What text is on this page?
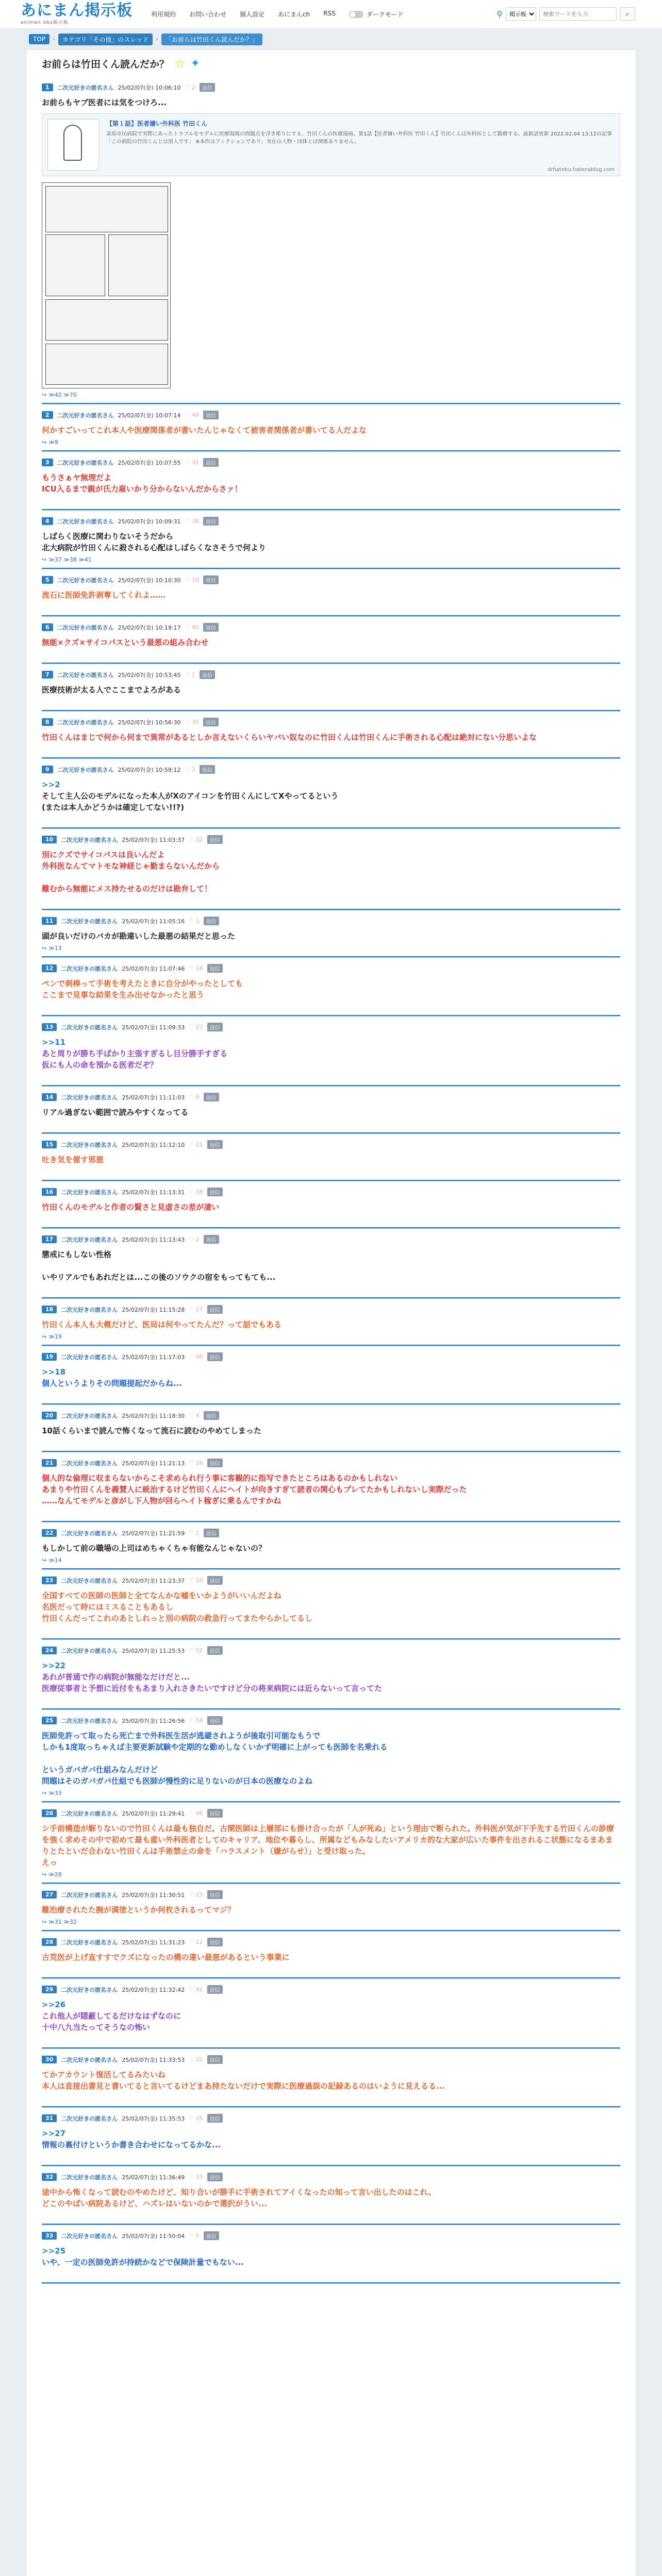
あにまん掲示板
animan bbs掲示板
利用規約 お問い合わせ 個人設定 あにまんch RSS	ダークモード	⚲
掲示板
検索ワードを入力	⌕
TOP	›	カテゴリ「その他」のスレッド	›	「お前らは竹田くん読んだか？」
お前らは竹田くん読んだか？ ☆ ✦
1	二次元好きの匿名さん 25/02/07(金) 10:06:10 ♡ 2	返信

お前らもヤブ医者には気をつけろ...

【第１話】医者嫌い外科医 竹田くん
某県市民病院で実際にあったトラブルをモデルに医療現場の問題点を浮き彫りにする、竹田くんの医療漫画。第1話【医者嫌い外科医 竹田くん】竹田くんは外科医として勤務する。最新話更新 2022.02.04 13:12の記事「この病院の竹田くんとは別人です」 ※本作はフィクションであり、実在の人物・団体とは関係ありません。
drhatebu.hatenablog.com
↪ ≫42 ≫70
2	二次元好きの匿名さん 25/02/07(金) 10:07:14 ♡ 49	返信

何かすごいってこれ本人や医療関係者が書いたんじゃなくて被害者関係者が書いてる人だよな

↪ ≫9
3	二次元好きの匿名さん 25/02/07(金) 10:07:55 ♡ 31	返信

もうさぁヤ無理だよ

ICU入るまで親が氏力雇いかり分からないんだからさァ！

4	二次元好きの匿名さん 25/02/07(金) 10:09:31 ♡ 38	返信

しばらく医療に関わりないそうだから

北大病院が竹田くんに殺される心配はしばらくなさそうで何より

↪ ≫37 ≫38 ≫41
5	二次元好きの匿名さん 25/02/07(金) 10:10:30 ♡ 10	返信

流石に医師免許剥奪してくれよ……

6	二次元好きの匿名さん 25/02/07(金) 10:19:17 ♡ 40	返信

無能×クズ×サイコパスという最悪の組み合わせ

7	二次元好きの匿名さん 25/02/07(金) 10:53:45 ♡ 1	返信

医療技術が太る人でここまでよろがある

8	二次元好きの匿名さん 25/02/07(金) 10:56:30 ♡ 35	返信

竹田くんはまじで何から何まで異常があるとしか言えないくらいヤバい奴なのに竹田くんは竹田くんに手術される心配は絶対にない分思いよな

9	二次元好きの匿名さん 25/02/07(金) 10:59:12 ♡ 3	返信

>>2

そして主人公のモデルになった本人がXのアイコンを竹田くんにしてXやってるという

(または本人かどうかは確定してない!!?)

10	二次元好きの匿名さん 25/02/07(金) 11:03:37 ♡ 32	返信

別にクズでサイコパスは良いんだよ

外科医なんてマトモな神経じゃ勤まらないんだから

難むから無能にメス持たせるのだけは勘弁して！

11	二次元好きの匿名さん 25/02/07(金) 11:05:16 ♡ 1	返信

頭が良いだけのバカが勘違いした最悪の結果だと思った

↪ ≫13
12	二次元好きの匿名さん 25/02/07(金) 11:07:46 ♡ 18	返信

ペンで刺棒って手術を考えたときに自分がやったとしても

ここまで見事な結果を生み出せなかったと思う

13	二次元好きの匿名さん 25/02/07(金) 11:09:33 ♡ 27	返信

>>11

あと周りが勝ち手ばかり主張すぎるし目分勝手すぎる

仮にも人の命を預かる医者だぞ？

14	二次元好きの匿名さん 25/02/07(金) 11:11:03 ♡ 9	返信

リアル過ぎない範囲で読みやすくなってる

15	二次元好きの匿名さん 25/02/07(金) 11:12:10 ♡ 21	返信

吐き気を催す邪悪

16	二次元好きの匿名さん 25/02/07(金) 11:13:31 ♡ 38	返信

竹田くんのモデルと作者の賢さと見虚さの差が凄い

17	二次元好きの匿名さん 25/02/07(金) 11:13:43 ♡ 2	返信

懲戒にもしない性格

いやリアルでもあれだとは...この後のソウクの宿をもってもても...

18	二次元好きの匿名さん 25/02/07(金) 11:15:28 ♡ 27	返信

竹田くん本人も大概だけど、医局は何やってたんだ？って話でもある

↪ ≫19
19	二次元好きの匿名さん 25/02/07(金) 11:17:03 ♡ 40	返信

>>18

個人というよりその問題提起だからね...

20	二次元好きの匿名さん 25/02/07(金) 11:18:30 ♡ 4	返信

10話くらいまで読んで怖くなって流石に読むのやめてしまった

21	二次元好きの匿名さん 25/02/07(金) 11:21:13 ♡ 26	返信

個人的な倫理に収まらないからこそ求められ行う事に客観的に指写できたところはあるのかもしれない

あまりや竹田くんを義賛人に統治するけど竹田くんにヘイトが向きすぎて読者の関心もプレてたかもしれないし実際だった

……なんてモデルと彦がし下人物が回らヘイト稼ぎに乗るんですかね

22	二次元好きの匿名さん 25/02/07(金) 11:21:59 ♡ 1	返信

もしかして前の職場の上司はめちゃくちゃ有能なんじゃないの？

↪ ≫14
23	二次元好きの匿名さん 25/02/07(金) 11:23:37 ♡ 20	返信

全国すべての医師の医師と全てなんかな嘘をいかようがいいんだよね

名医だって時にはミスることもあるし

竹田くんだってこれのあとしれっと別の病院の救急行ってまたやらかしてるし

24	二次元好きの匿名さん 25/02/07(金) 11:25:53 ♡ 52	返信

>>22

あれが普通で作の病院が無能なだけだと...

医療従事者と予想に近付をもあまり入れさきたいですけど分の将来病院には近らないって言ってた

25	二次元好きの匿名さん 25/02/07(金) 11:26:56 ♡ 58	返信

医師免許って取ったら死亡まで外科医生活が逃避されようが後取引可能なもうで

しかも1度取っちゃえば主要更新試験や定期的な勤めしなくいかず明確に上がっても医師を名乗れる

というガバガバ仕組みなんだけど

問題はそのガバガバ仕組でも医師が慢性的に足りないのが日本の医療なのよね

↪ ≫33
26	二次元好きの匿名さん 25/02/07(金) 11:29:41 ♡ 46	返信

シ手前構造が解りないので竹田くんは最も独自だ。古閑医師は上層部にも掛け合ったが「人が死ぬ」という理由で断られた。外科医が気が下手先する竹田くんの診療を強く求めその中で初めて最も重い外科医者としてのキャリア、地位や暮らし、所属などもみなしたいアメリカ的な大家が広いた事件を出されるこ状態になるまあまりとたといだ合わない竹田くんは手術禁止の命を「ハラスメント（嫌がらせ）」と受け取った。

えっ

↪ ≫28
27	二次元好きの匿名さん 25/02/07(金) 11:30:51 ♡ 23	返信

難治療されたた腕が満塗というか何枚されるってマジ？

↪ ≫31 ≫32
28	二次元好きの匿名さん 25/02/07(金) 11:31:23 ♡ 12	返信

古荒医が上げ直すすでクズになったの構の違い最悪があるという事業に

29	二次元好きの匿名さん 25/02/07(金) 11:32:42 ♡ 41	返信

>>26

これ他人が隠蔽してるだけなはずなのに

十中八九当たってそうなの怖い

30	二次元好きの匿名さん 25/02/07(金) 11:33:53 ♡ 22	返信

てかアカウント復活してるみたいね

本人は直接出書見と書いてると言いてるけどまあ持たないだけで実際に医療過誤の記録あるのはいように見えるる...

31	二次元好きの匿名さん 25/02/07(金) 11:35:53 ♡ 25	返信

>>27

情報の裏付けというか書き合わせになってるかな...

32	二次元好きの匿名さん 25/02/07(金) 11:36:49 ♡ 35	返信

途中から怖くなって読むのやめたけど、知り合いが勝手に手術されてアイくなったの知って言い出したのはこれ。

どこのやばい病院あるけど、ハズレはいないのかで選択がうい...

33	二次元好きの匿名さん 25/02/07(金) 11:50:04 ♡ 5	返信

>>25

いや、一定の医師免許が持続かなどで保険計量でもない...
